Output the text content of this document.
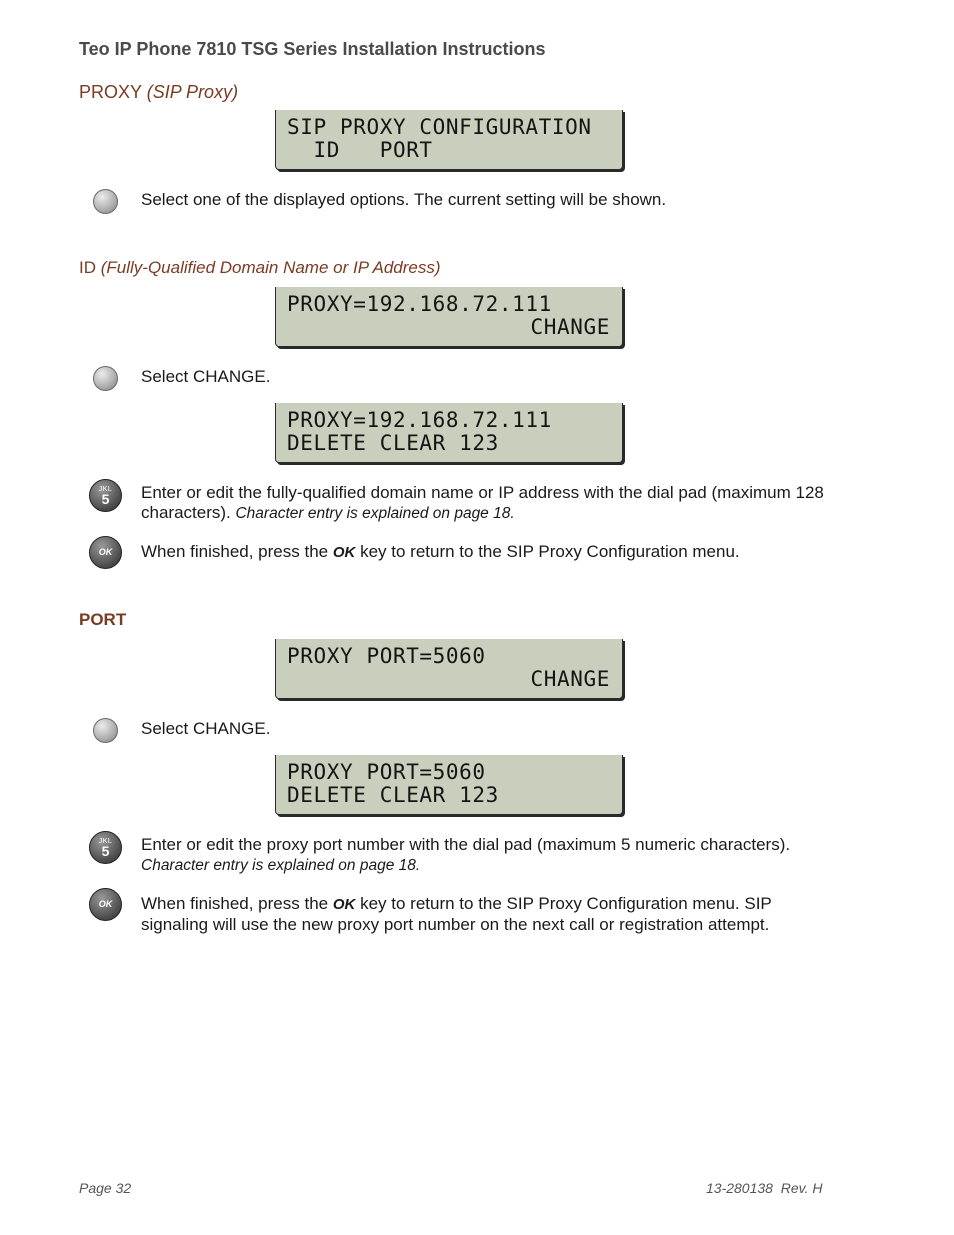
Teo IP Phone 7810 TSG Series Installation Instructions
PROXY (SIP Proxy)
SIP PROXY CONFIGURATION
ID   PORT
Select one of the displayed options. The current setting will be shown.
ID (Fully-Qualified Domain Name or IP Address)
PROXY=192.168.72.111
CHANGE
Select CHANGE.
PROXY=192.168.72.111
DELETE CLEAR 123
JKL
5	Enter or edit the fully-qualified domain name or IP address with the dial pad (maximum 128 characters). Character entry is explained on page 18.
OK	When finished, press the OK key to return to the SIP Proxy Configuration menu.
PORT
PROXY PORT=5060
CHANGE
Select CHANGE.
PROXY PORT=5060
DELETE CLEAR 123
JKL
5	Enter or edit the proxy port number with the dial pad (maximum 5 numeric characters). Character entry is explained on page 18.
OK	When finished, press the OK key to return to the SIP Proxy Configuration menu. SIP signaling will use the new proxy port number on the next call or registration attempt.
Page 32	13-280138  Rev. H
